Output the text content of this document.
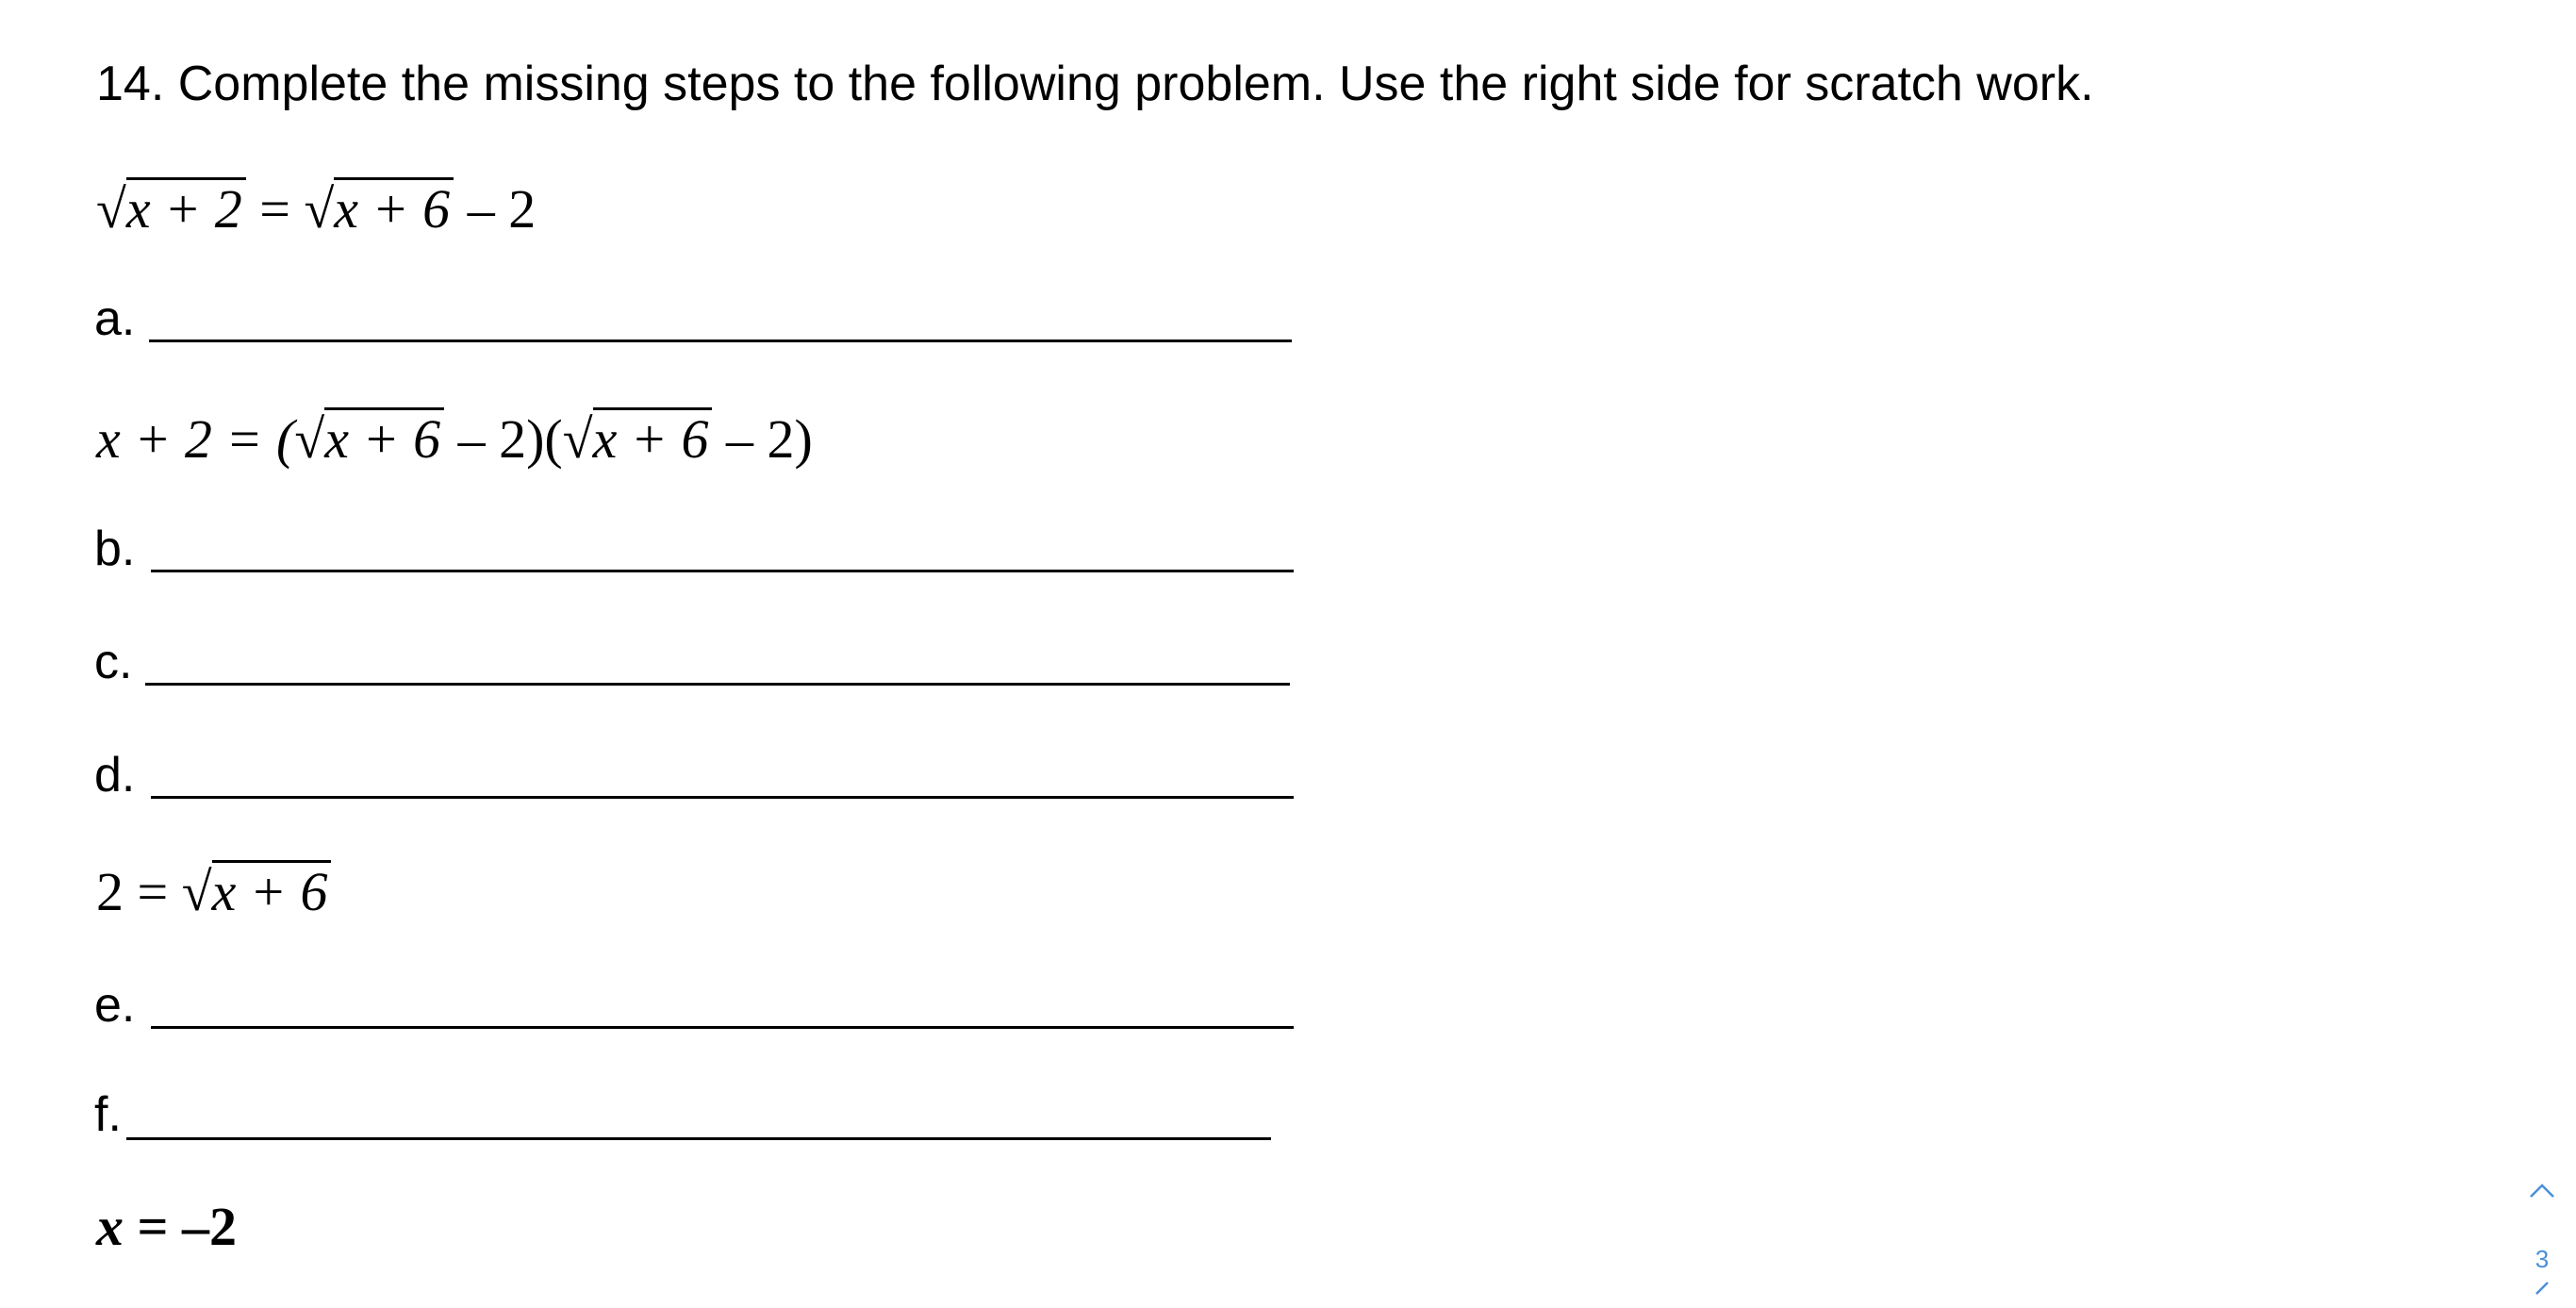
14. Complete the missing steps to the following problem. Use the right side for scratch work.
√x + 2 = √x + 6 – 2
a.
x + 2 = (√x + 6 – 2)(√x + 6 – 2)
b.
c.
d.
2 = √x + 6
e.
f.
x = –2
3
